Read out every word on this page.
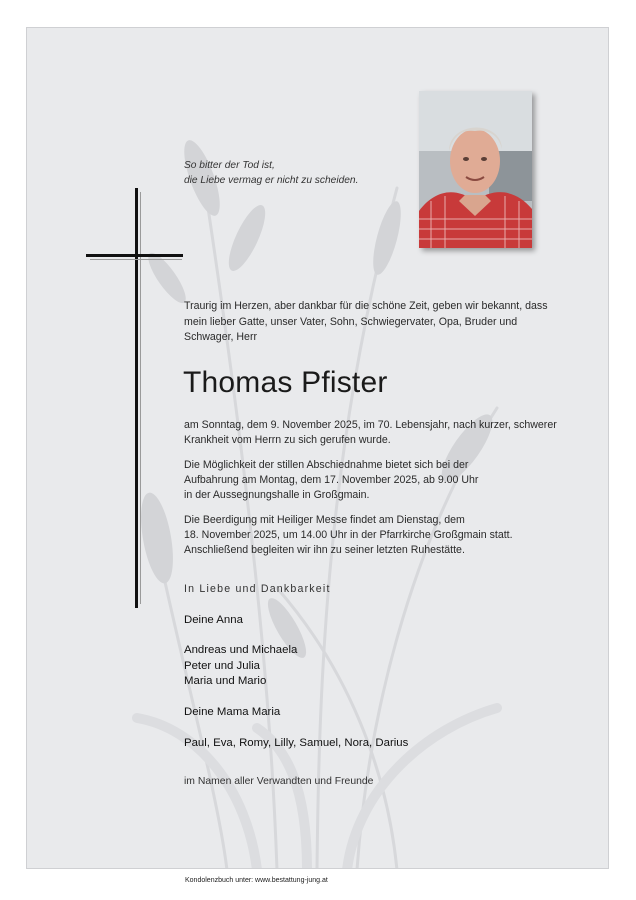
So bitter der Tod ist,
die Liebe vermag er nicht zu scheiden.
Traurig im Herzen, aber dankbar für die schöne Zeit, geben wir bekannt, dass mein lieber Gatte, unser Vater, Sohn, Schwiegervater, Opa, Bruder und Schwager, Herr
Thomas Pfister
am Sonntag, dem 9. November 2025, im 70. Lebensjahr, nach kurzer, schwerer Krankheit vom Herrn zu sich gerufen wurde.
Die Möglichkeit der stillen Abschiednahme bietet sich bei der
Aufbahrung am Montag, dem 17. November 2025, ab 9.00 Uhr
in der Aussegnungshalle in Großgmain.
Die Beerdigung mit Heiliger Messe findet am Dienstag, dem
18. November 2025, um 14.00 Uhr in der Pfarrkirche Großgmain statt.
Anschließend begleiten wir ihn zu seiner letzten Ruhestätte.
In Liebe und Dankbarkeit
Deine Anna
Andreas und Michaela
Peter und Julia
Maria und Mario
Deine Mama Maria
Paul, Eva, Romy, Lilly, Samuel, Nora, Darius
im Namen aller Verwandten und Freunde
Kondolenzbuch unter: www.bestattung-jung.at
